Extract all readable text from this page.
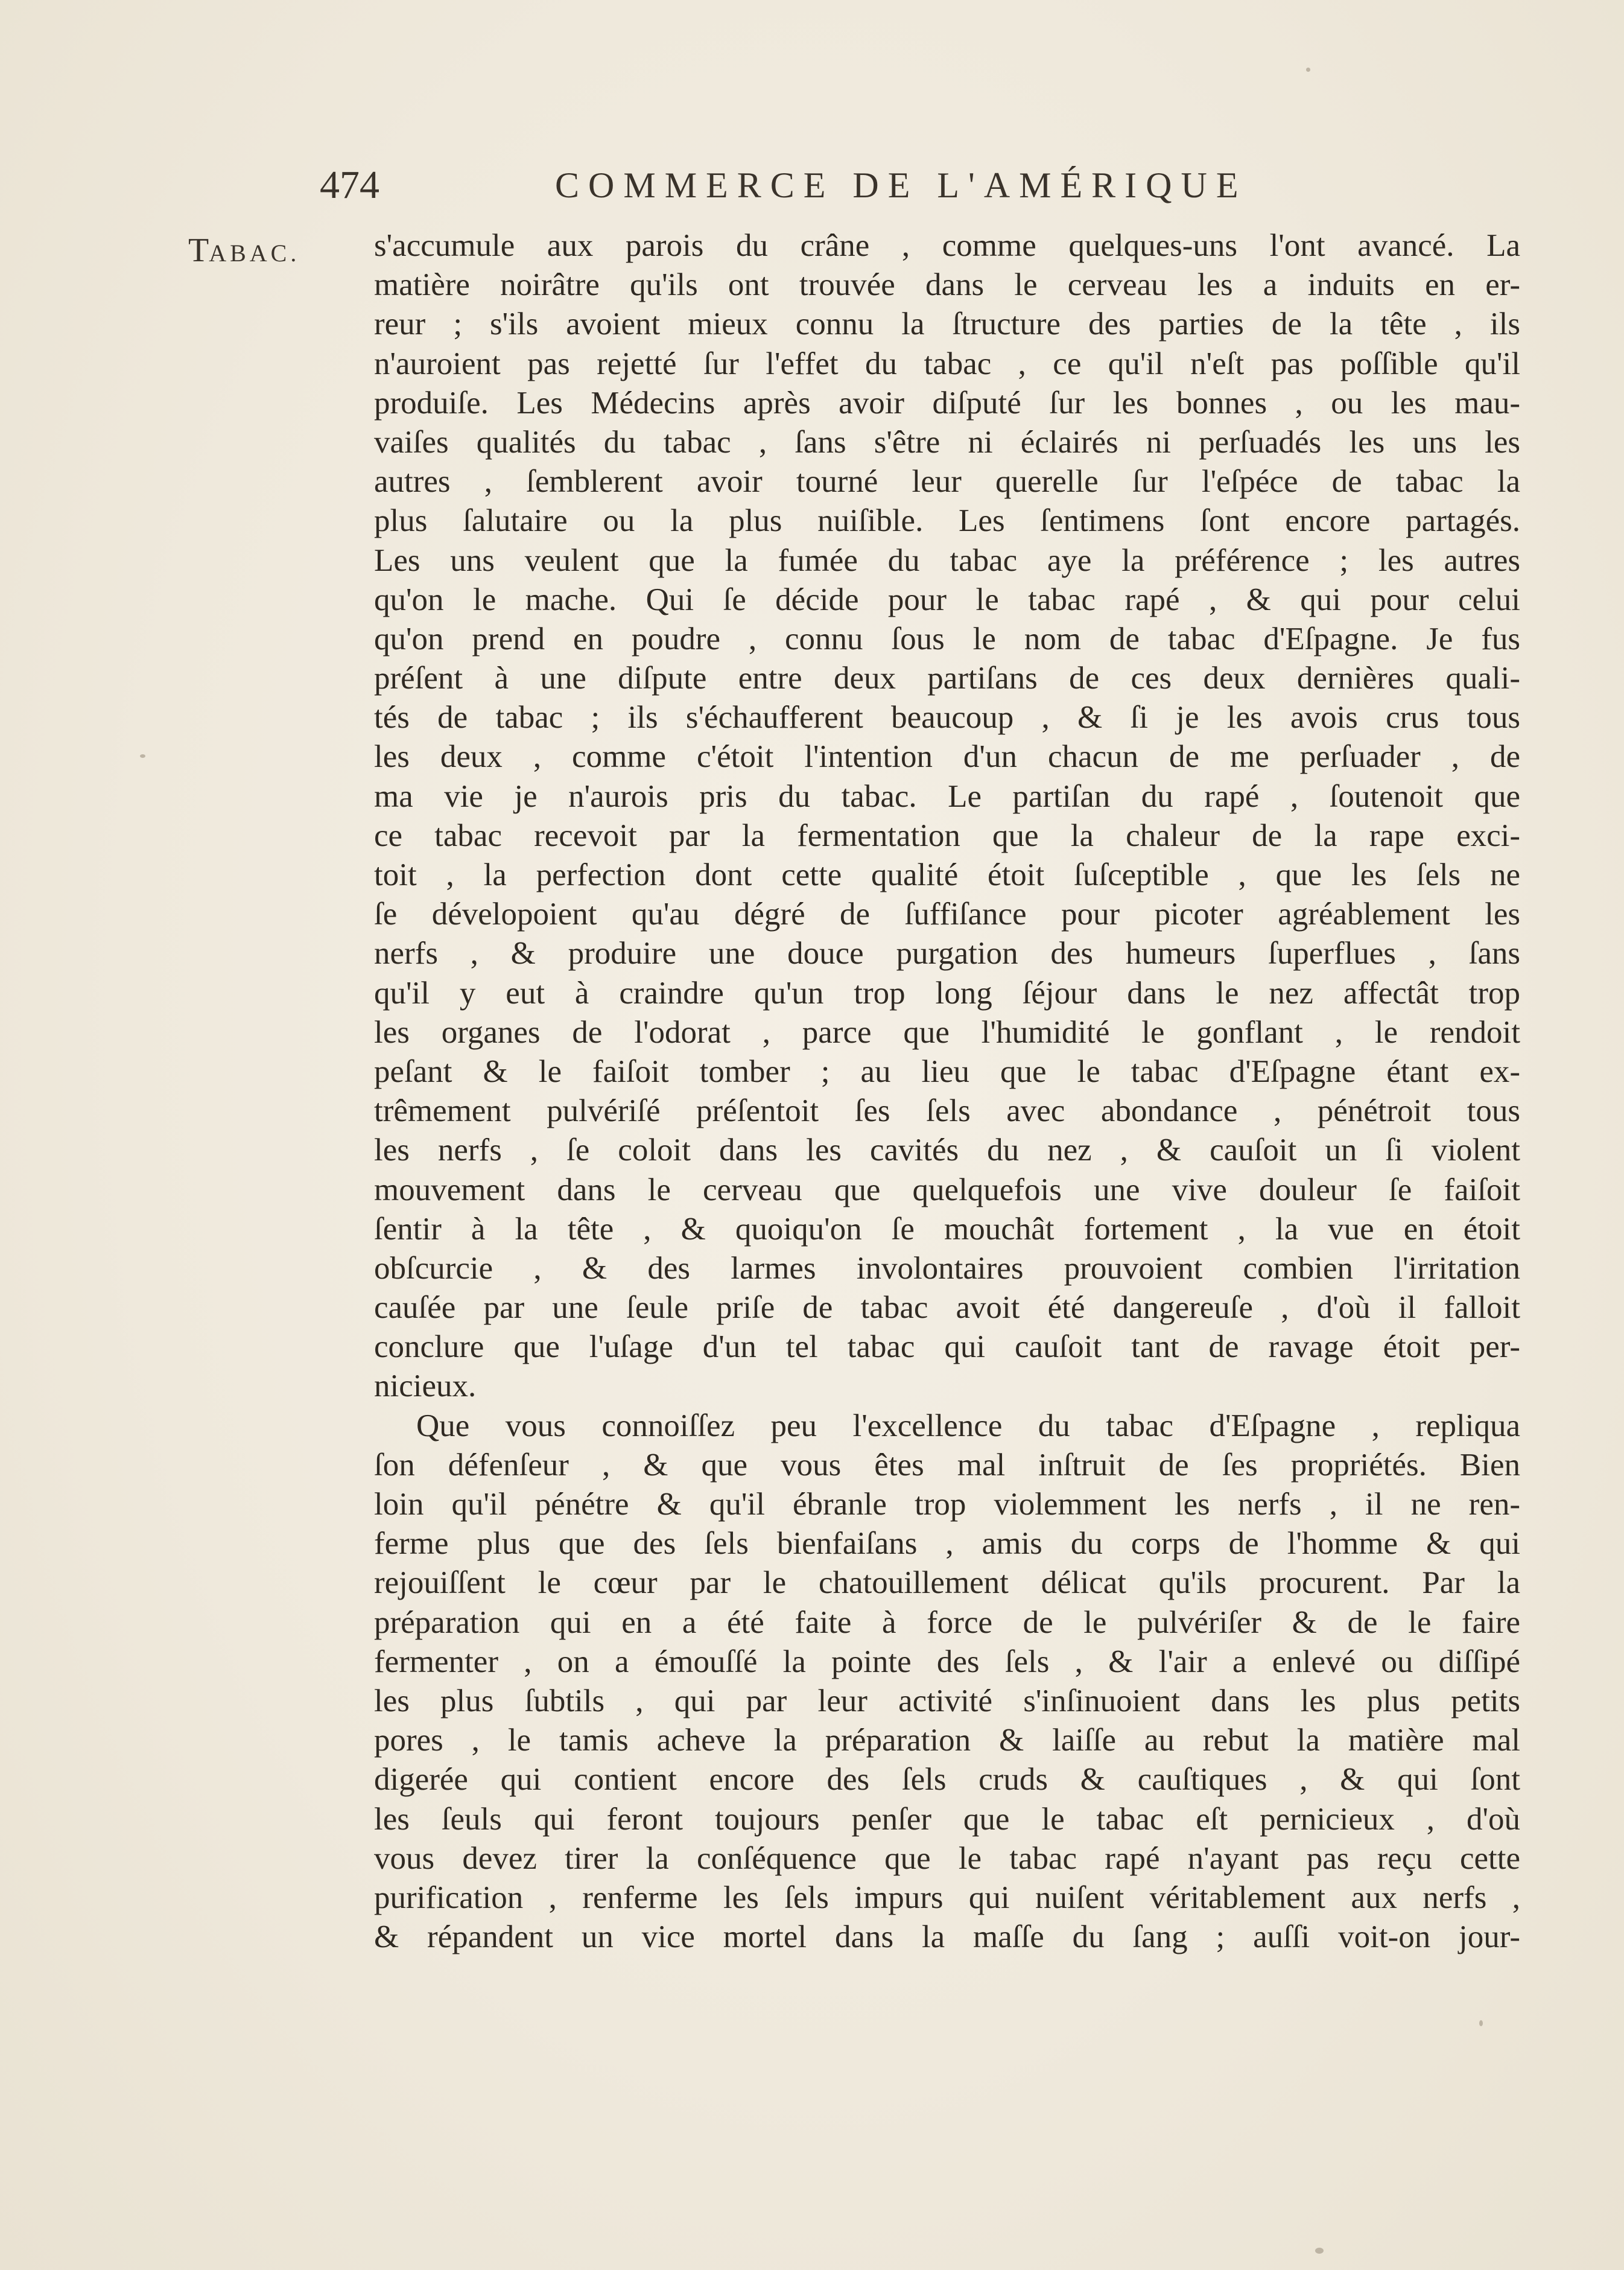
474	COMMERCE DE L'AMÉRIQUE
TABAC. s'accumule aux parois du crâne , comme quelques-uns l'ont avancé. La
matière noirâtre qu'ils ont trouvée dans le cerveau les a induits en er-
reur ; s'ils avoient mieux connu la ſtructure des parties de la tête , ils
n'auroient pas rejetté ſur l'effet du tabac , ce qu'il n'eſt pas poſſible qu'il
produiſe. Les Médecins après avoir diſputé ſur les bonnes , ou les mau-
vaiſes qualités du tabac , ſans s'être ni éclairés ni perſuadés les uns les
autres , ſemblerent avoir tourné leur querelle ſur l'eſpéce de tabac la
plus ſalutaire ou la plus nuiſible. Les ſentimens ſont encore partagés.
Les uns veulent que la fumée du tabac aye la préférence ; les autres
qu'on le mache. Qui ſe décide pour le tabac rapé , & qui pour celui
qu'on prend en poudre , connu ſous le nom de tabac d'Eſpagne. Je fus
préſent à une diſpute entre deux partiſans de ces deux dernières quali-
tés de tabac ; ils s'échaufferent beaucoup , & ſi je les avois crus tous
les deux , comme c'étoit l'intention d'un chacun de me perſuader , de
ma vie je n'aurois pris du tabac. Le partiſan du rapé , ſoutenoit que
ce tabac recevoit par la fermentation que la chaleur de la rape exci-
toit , la perfection dont cette qualité étoit ſuſceptible , que les ſels ne
ſe dévelopoient qu'au dégré de ſuffiſance pour picoter agréablement les
nerfs , & produire une douce purgation des humeurs ſuperflues , ſans
qu'il y eut à craindre qu'un trop long ſéjour dans le nez affectât trop
les organes de l'odorat , parce que l'humidité le gonflant , le rendoit
peſant & le faiſoit tomber ; au lieu que le tabac d'Eſpagne étant ex-
trêmement pulvériſé préſentoit ſes ſels avec abondance , pénétroit tous
les nerfs , ſe coloit dans les cavités du nez , & cauſoit un ſi violent
mouvement dans le cerveau que quelquefois une vive douleur ſe faiſoit
ſentir à la tête , & quoiqu'on ſe mouchât fortement , la vue en étoit
obſcurcie , & des larmes involontaires prouvoient combien l'irritation
cauſée par une ſeule priſe de tabac avoit été dangereuſe , d'où il falloit
conclure que l'uſage d'un tel tabac qui cauſoit tant de ravage étoit per-
nicieux.
Que vous connoiſſez peu l'excellence du tabac d'Eſpagne , repliqua
ſon défenſeur , & que vous êtes mal inſtruit de ſes propriétés. Bien
loin qu'il pénétre & qu'il ébranle trop violemment les nerfs , il ne ren-
ferme plus que des ſels bienfaiſans , amis du corps de l'homme & qui
rejouiſſent le cœur par le chatouillement délicat qu'ils procurent. Par la
préparation qui en a été faite à force de le pulvériſer & de le faire
fermenter , on a émouſſé la pointe des ſels , & l'air a enlevé ou diſſipé
les plus ſubtils , qui par leur activité s'inſinuoient dans les plus petits
pores , le tamis acheve la préparation & laiſſe au rebut la matière mal
digerée qui contient encore des ſels cruds & cauſtiques , & qui ſont
les ſeuls qui feront toujours penſer que le tabac eſt pernicieux , d'où
vous devez tirer la conſéquence que le tabac rapé n'ayant pas reçu cette
purification , renferme les ſels impurs qui nuiſent véritablement aux nerfs ,
& répandent un vice mortel dans la maſſe du ſang ; auſſi voit-on jour-
